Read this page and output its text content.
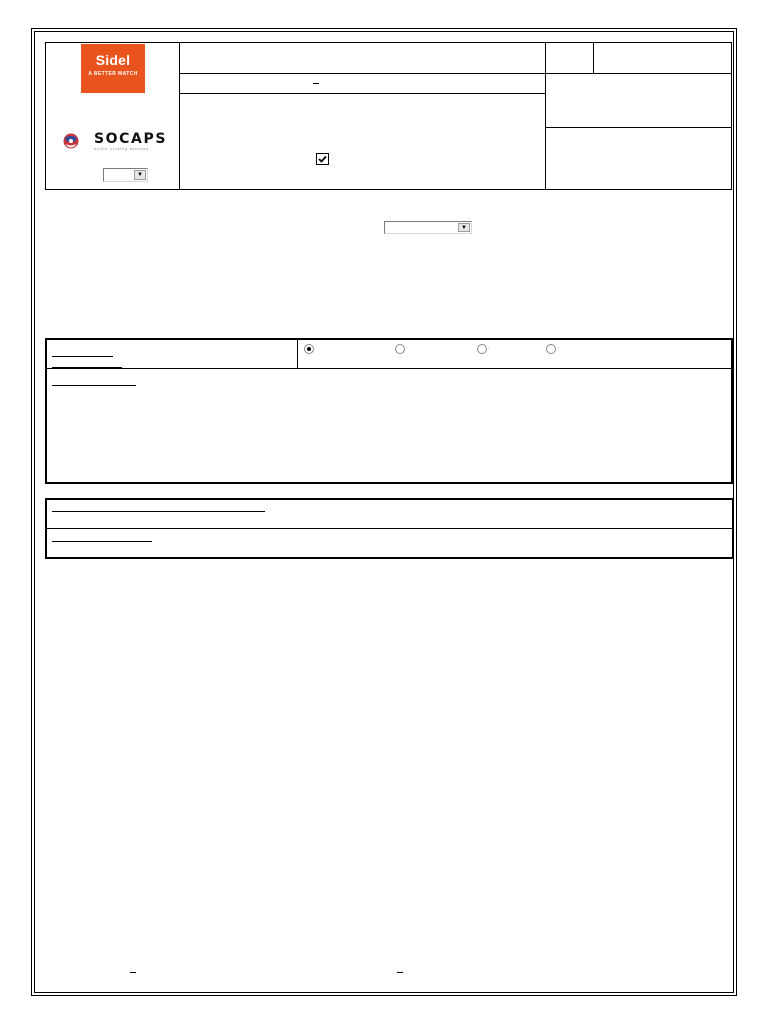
Sidel
A BETTER MATCH
SOCAPS
bottle closing systems
▼
▼
◦	◦	◦
